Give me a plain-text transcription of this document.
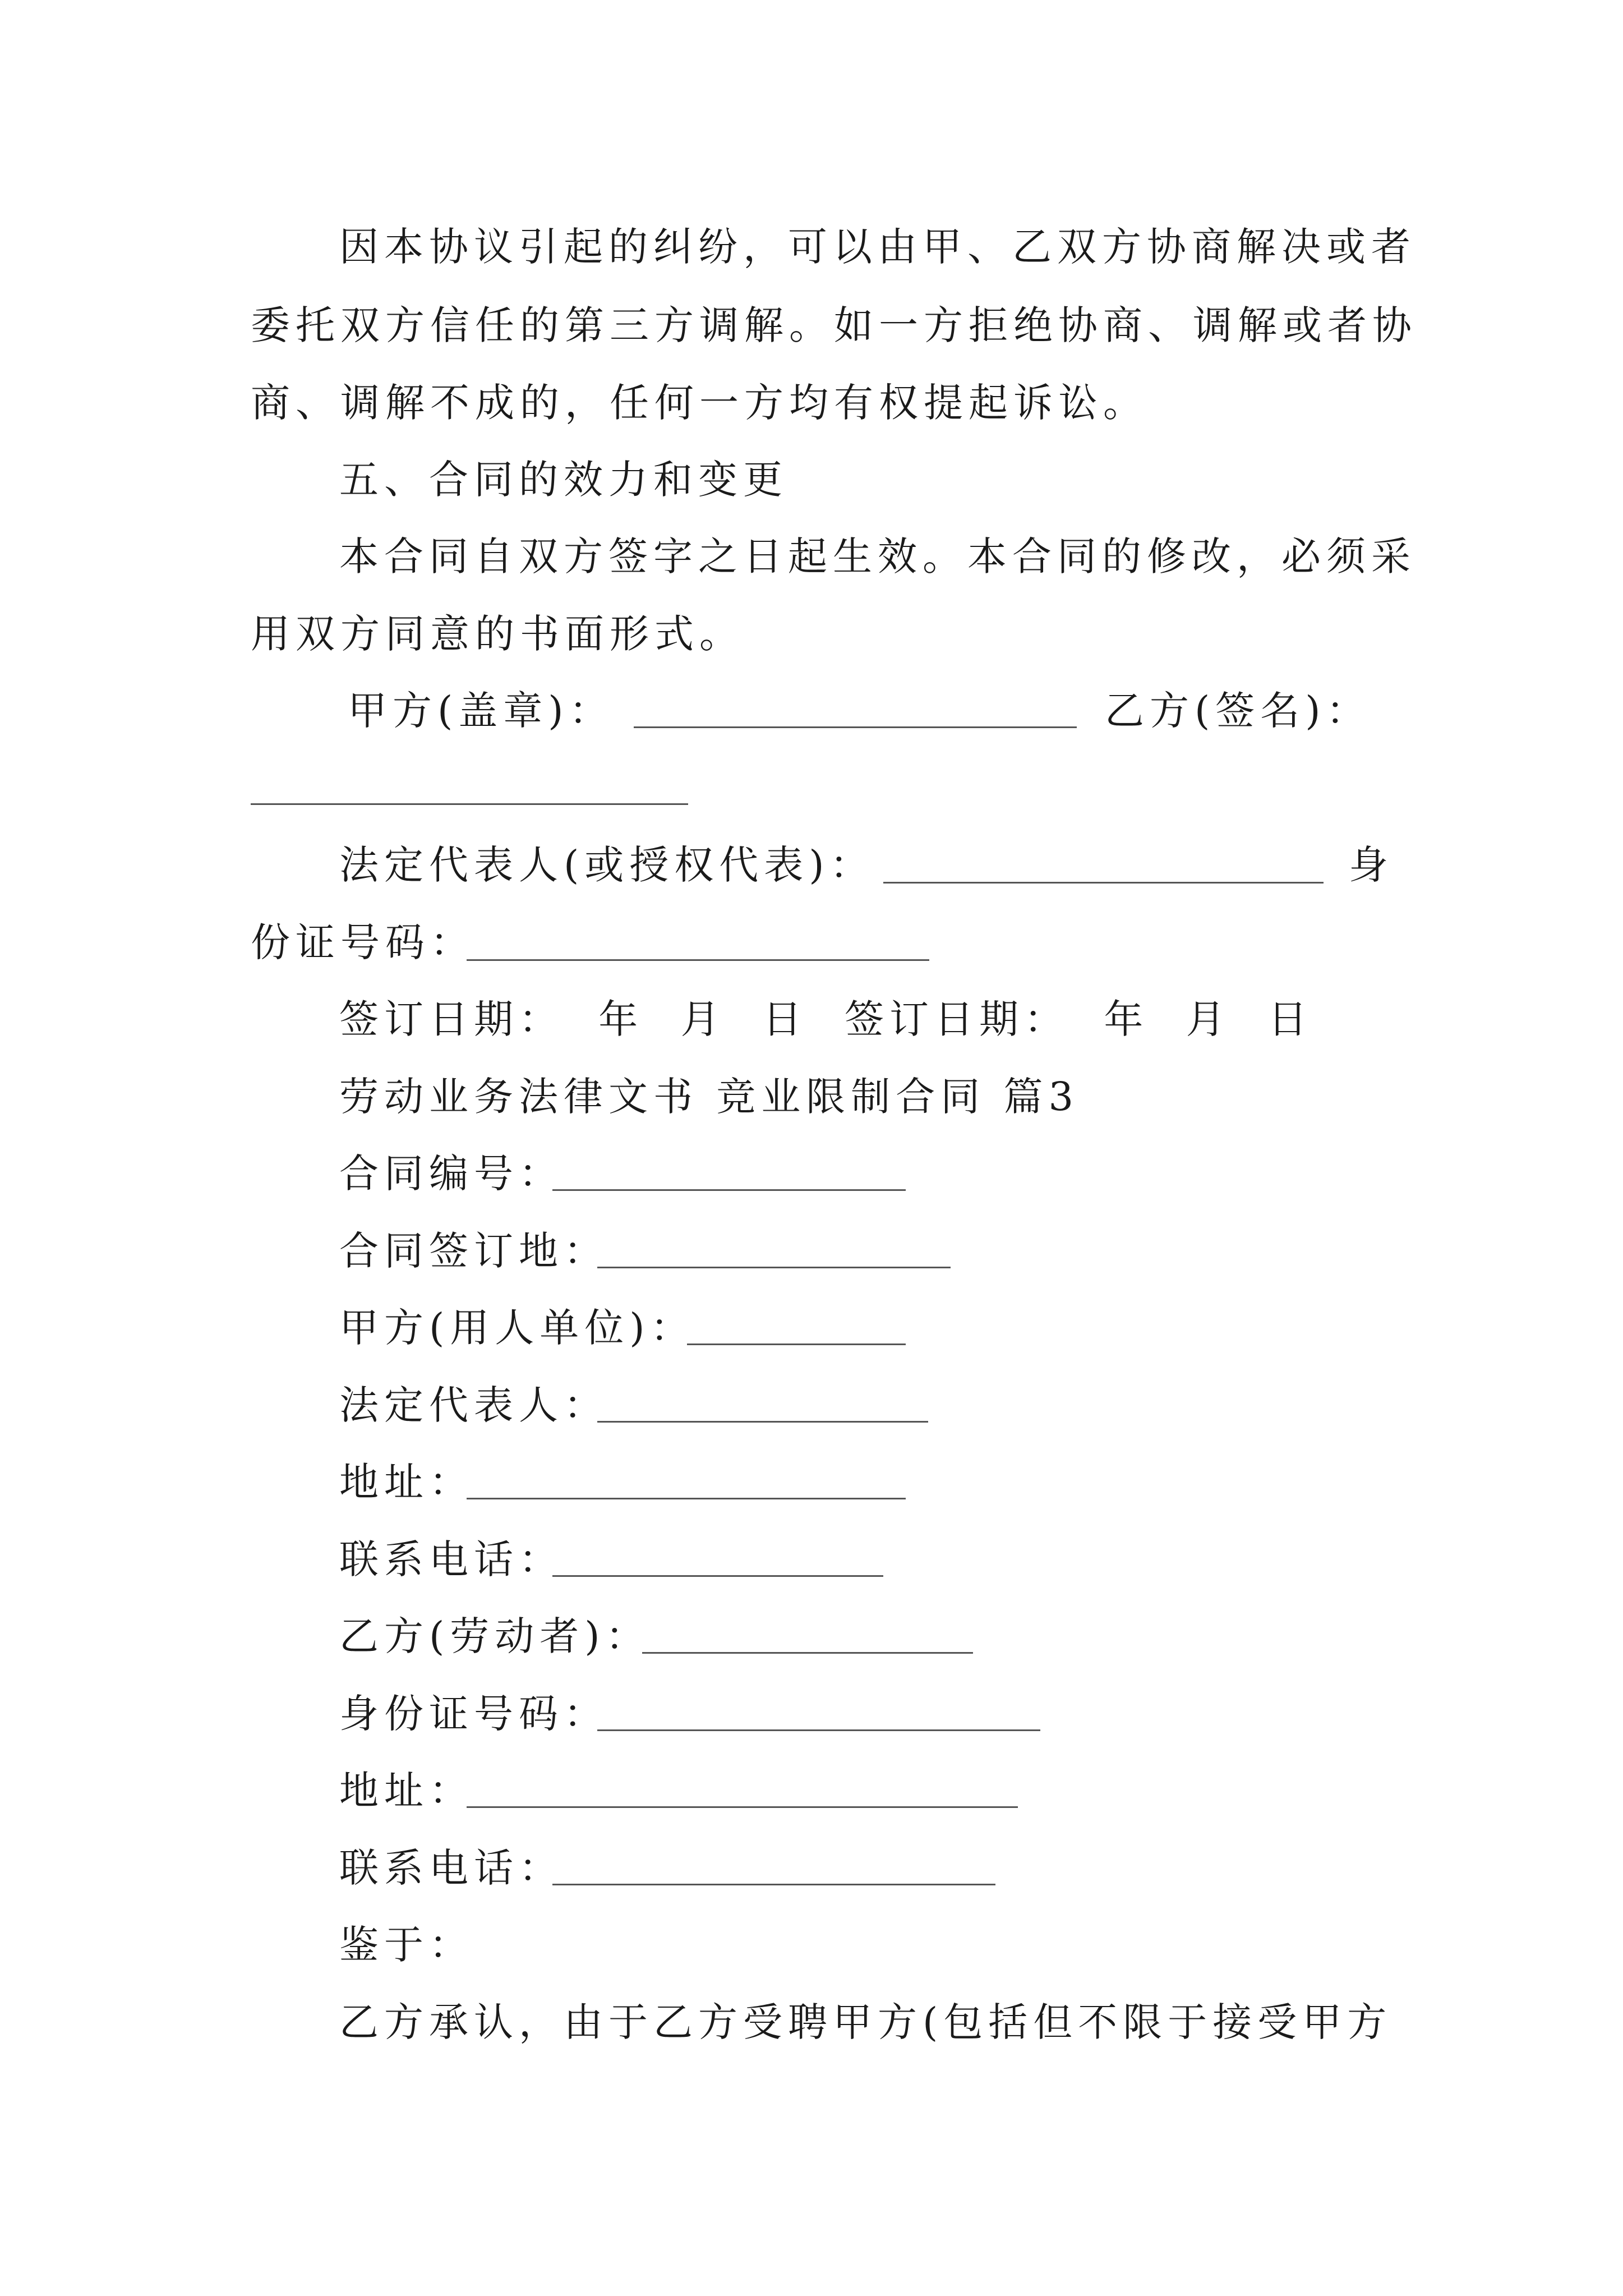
因本协议引起的纠纷，可以由甲、乙双方协商解决或者
委托双方信任的第三方调解。如一方拒绝协商、调解或者协
商、调解不成的，任何一方均有权提起诉讼。
五、合同的效力和变更
本合同自双方签字之日起生效。本合同的修改，必须采
用双方同意的书面形式。
甲方(盖章)：	乙方(签名)：
法定代表人(或授权代表)：	身
份证号码：
签订日期： 年 月 日 签订日期： 年 月 日
劳动业务法律文书 竞业限制合同 篇3
合同编号：
合同签订地：
甲方(用人单位)：
法定代表人：
地址：
联系电话：
乙方(劳动者)：
身份证号码：
地址：
联系电话：
鉴于：
乙方承认，由于乙方受聘甲方(包括但不限于接受甲方
